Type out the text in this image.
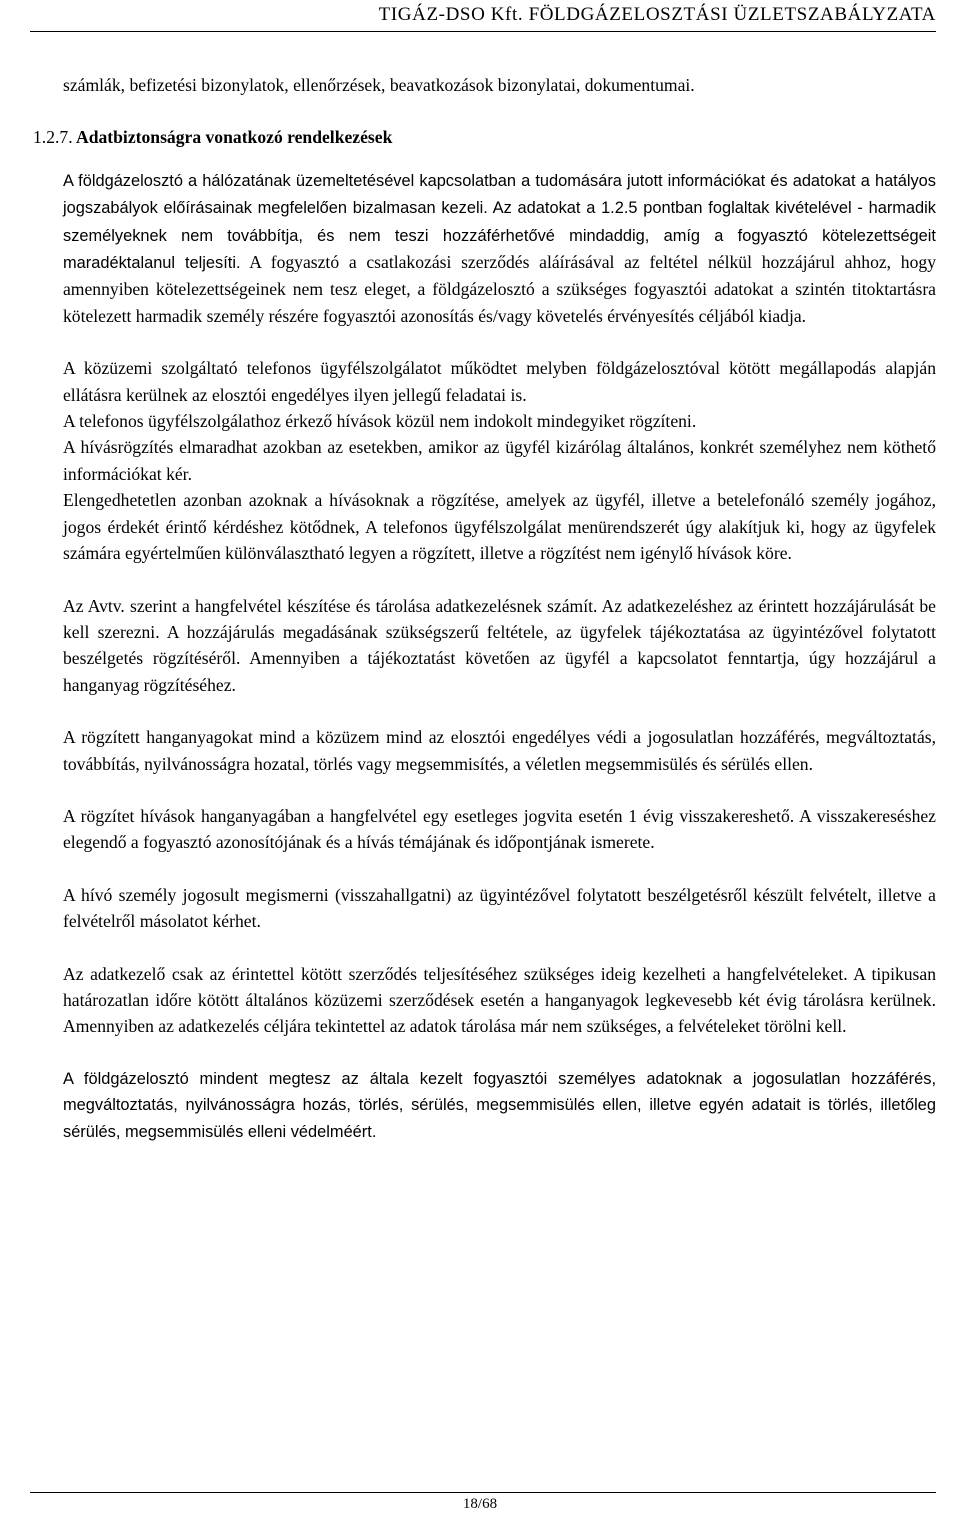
TIGÁZ-DSO Kft. FÖLDGÁZELOSZTÁSI ÜZLETSZABÁLYZATA

számlák, befizetési bizonylatok, ellenőrzések, beavatkozások bizonylatai, dokumentumai.

1.2.7. Adatbiztonságra vonatkozó rendelkezések

A földgázelosztó a hálózatának üzemeltetésével kapcsolatban a tudomására jutott információkat és adatokat a hatályos jogszabályok előírásainak megfelelően bizalmasan kezeli. Az adatokat a 1.2.5 pontban foglaltak kivételével - harmadik személyeknek nem továbbítja, és nem teszi hozzáférhetővé mindaddig, amíg a fogyasztó kötelezettségeit maradéktalanul teljesíti. A fogyasztó a csatlakozási szerződés aláírásával az feltétel nélkül hozzájárul ahhoz, hogy amennyiben kötelezettségeinek nem tesz eleget, a földgázelosztó a szükséges fogyasztói adatokat a szintén titoktartásra kötelezett harmadik személy részére fogyasztói azonosítás és/vagy követelés érvényesítés céljából kiadja.

A közüzemi szolgáltató telefonos ügyfélszolgálatot működtet melyben földgázelosztóval kötött megállapodás alapján ellátásra kerülnek az elosztói engedélyes ilyen jellegű feladatai is.

A telefonos ügyfélszolgálathoz érkező hívások közül nem indokolt mindegyiket rögzíteni.

A hívásrögzítés elmaradhat azokban az esetekben, amikor az ügyfél kizárólag általános, konkrét személyhez nem köthető információkat kér.

Elengedhetetlen azonban azoknak a hívásoknak a rögzítése, amelyek az ügyfél, illetve a betelefonáló személy jogához, jogos érdekét érintő kérdéshez kötődnek, A telefonos ügyfélszolgálat menürendszerét úgy alakítjuk ki, hogy az ügyfelek számára egyértelműen különválasztható legyen a rögzített, illetve a rögzítést nem igénylő hívások köre.

Az Avtv. szerint a hangfelvétel készítése és tárolása adatkezelésnek számít. Az adatkezeléshez az érintett hozzájárulását be kell szerezni. A hozzájárulás megadásának szükségszerű feltétele, az ügyfelek tájékoztatása az ügyintézővel folytatott beszélgetés rögzítéséről. Amennyiben a tájékoztatást követően az ügyfél a kapcsolatot fenntartja, úgy hozzájárul a hanganyag rögzítéséhez.

A rögzített hanganyagokat mind a közüzem mind az elosztói engedélyes védi a jogosulatlan hozzáférés, megváltoztatás, továbbítás, nyilvánosságra hozatal, törlés vagy megsemmisítés, a véletlen megsemmisülés és sérülés ellen.

A rögzítet hívások hanganyagában a hangfelvétel egy esetleges jogvita esetén 1 évig visszakereshető. A visszakereséshez elegendő a fogyasztó azonosítójának és a hívás témájának és időpontjának ismerete.

A hívó személy jogosult megismerni (visszahallgatni) az ügyintézővel folytatott beszélgetésről készült felvételt, illetve a felvételről másolatot kérhet.

Az adatkezelő csak az érintettel kötött szerződés teljesítéséhez szükséges ideig kezelheti a hangfelvételeket. A tipikusan határozatlan időre kötött általános közüzemi szerződések esetén a hanganyagok legkevesebb két évig tárolásra kerülnek. Amennyiben az adatkezelés céljára tekintettel az adatok tárolása már nem szükséges, a felvételeket törölni kell.

A földgázelosztó mindent megtesz az általa kezelt fogyasztói személyes adatoknak a jogosulatlan hozzáférés, megváltoztatás, nyilvánosságra hozás, törlés, sérülés, megsemmisülés ellen, illetve egyén adatait is törlés, illetőleg sérülés, megsemmisülés elleni védelméért.

18/68
